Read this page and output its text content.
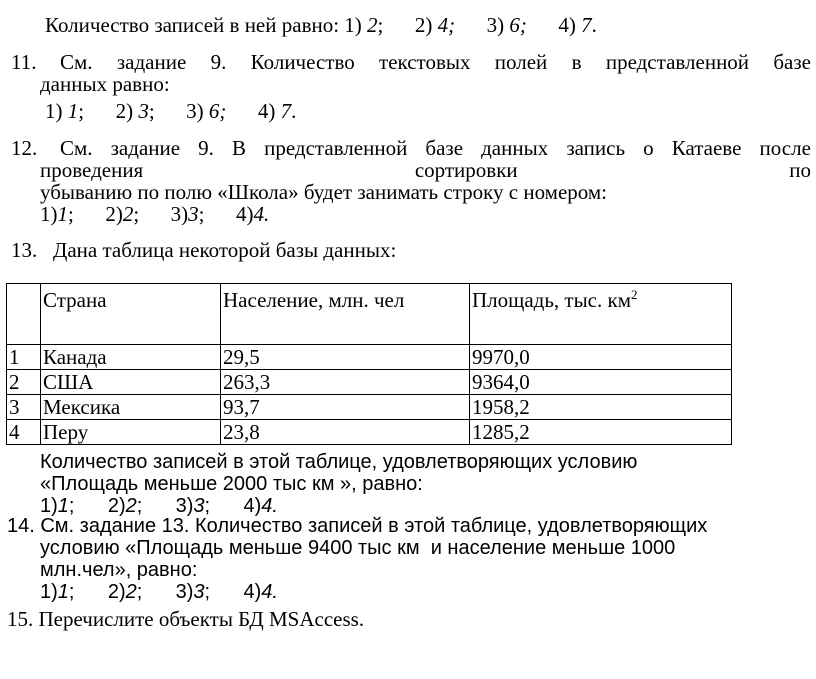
Количество записей в ней равно: 1) 2;      2) 4;      3) 6;      4) 7.
11. См. задание 9. Количество текстовых полей в представленной базе
данных равно:
1) 1;      2) 3;      3) 6;      4) 7.
12. См. задание 9. В представленной базе данных запись о Катаеве после
проведения	сортировки	по
убыванию по полю «Школа» будет занимать строку с номером:
1)1;      2)2;      3)3;      4)4.
13.   Дана таблица некоторой базы данных:
	Страна	Население, млн. чел	Площадь, тыс. $км^2$
1	Канада	29,5	9970,0
2	США	263,3	9364,0
3	Мексика	93,7	1958,2
4	Перу	23,8	1285,2
Количество записей в этой таблице, удовлетворяющих условию
«Площадь меньше 2000 тыс км », равно:
1)1;      2)2;      3)3;      4)4.
14. См. задание 13. Количество записей в этой таблице, удовлетворяющих
условию «Площадь меньше 9400 тыс км  и население меньше 1000
млн.чел», равно:
1)1;      2)2;      3)3;      4)4.
15. Перечислите объекты БД MSAccess.
